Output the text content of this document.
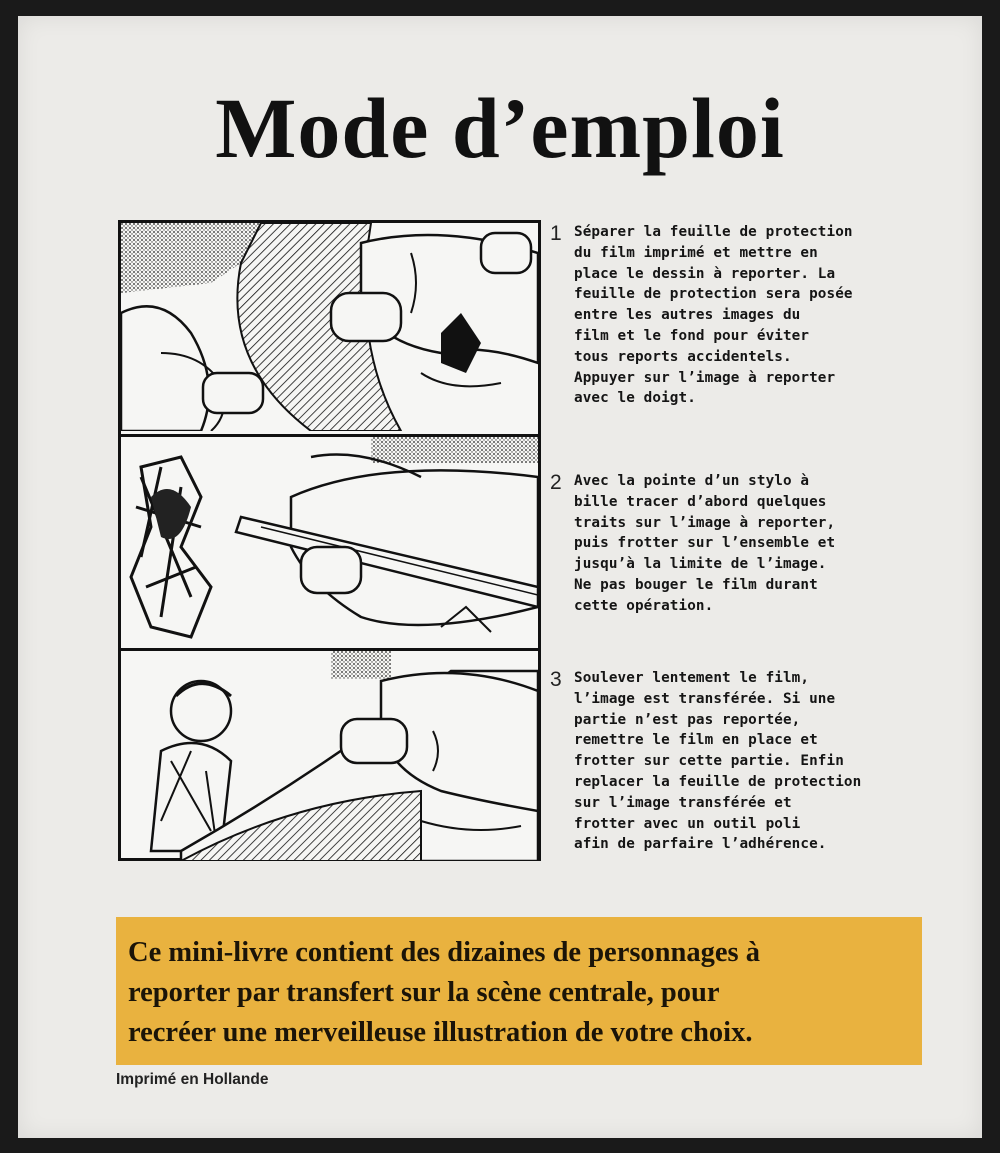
Mode d’emploi
1 Séparer la feuille de protection
du film imprimé et mettre en
place le dessin à reporter. La
feuille de protection sera posée
entre les autres images du
film et le fond pour éviter
tous reports accidentels.
Appuyer sur l’image à reporter
avec le doigt.
2 Avec la pointe d’un stylo à
bille tracer d’abord quelques
traits sur l’image à reporter,
puis frotter sur l’ensemble et
jusqu’à la limite de l’image.
Ne pas bouger le film durant
cette opération.
3 Soulever lentement le film,
l’image est transférée. Si une
partie n’est pas reportée,
remettre le film en place et
frotter sur cette partie. Enfin
replacer la feuille de protection
sur l’image transférée et
frotter avec un outil poli
afin de parfaire l’adhérence.
Ce mini-livre contient des dizaines de personnages à
reporter par transfert sur la scène centrale, pour
recréer une merveilleuse illustration de votre choix.
Imprimé en Hollande
